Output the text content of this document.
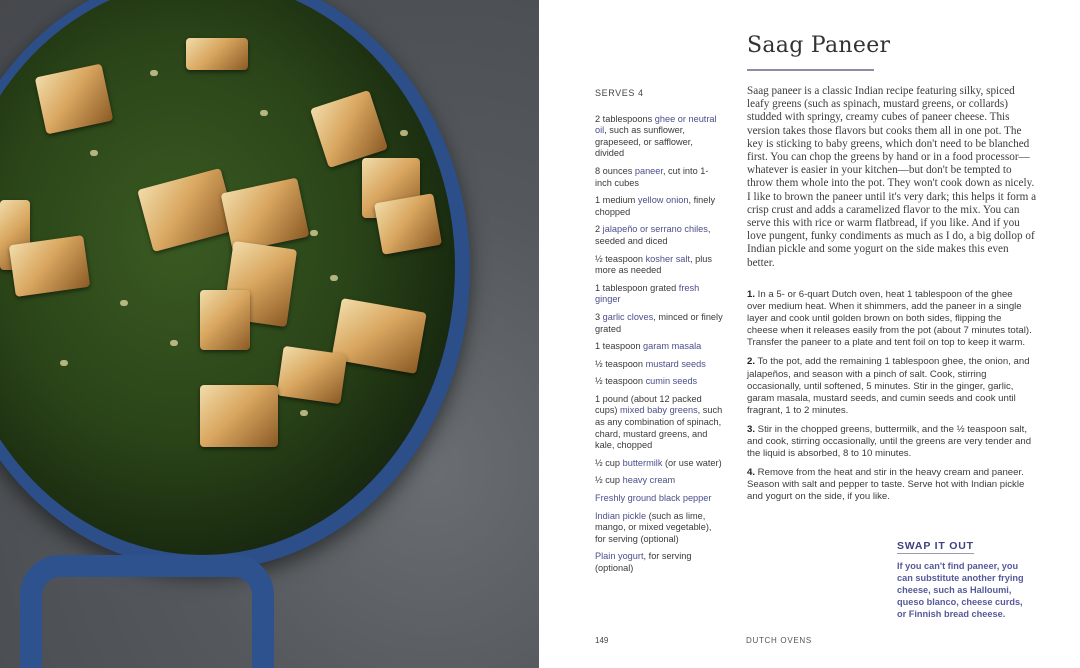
SERVES 4
2 tablespoons ghee or neutral oil, such as sunflower, grapeseed, or safflower, divided
8 ounces paneer, cut into 1-inch cubes
1 medium yellow onion, finely chopped
2 jalapeño or serrano chiles, seeded and diced
½ teaspoon kosher salt, plus more as needed
1 tablespoon grated fresh ginger
3 garlic cloves, minced or finely grated
1 teaspoon garam masala
½ teaspoon mustard seeds
½ teaspoon cumin seeds
1 pound (about 12 packed cups) mixed baby greens, such as any combination of spinach, chard, mustard greens, and kale, chopped
½ cup buttermilk (or use water)
½ cup heavy cream
Freshly ground black pepper
Indian pickle (such as lime, mango, or mixed vegetable), for serving (optional)
Plain yogurt, for serving (optional)
Saag Paneer
Saag paneer is a classic Indian recipe featuring silky, spiced leafy greens (such as spinach, mustard greens, or collards) studded with springy, creamy cubes of paneer cheese. This version takes those flavors but cooks them all in one pot. The key is sticking to baby greens, which don't need to be blanched first. You can chop the greens by hand or in a food processor—whatever is easier in your kitchen—but don't be tempted to throw them whole into the pot. They won't cook down as nicely. I like to brown the paneer until it's very dark; this helps it form a crisp crust and adds a caramelized flavor to the mix. You can serve this with rice or warm flatbread, if you like. And if you love pungent, funky condiments as much as I do, a big dollop of Indian pickle and some yogurt on the side makes this even better.
1. In a 5- or 6-quart Dutch oven, heat 1 tablespoon of the ghee over medium heat. When it shimmers, add the paneer in a single layer and cook until golden brown on both sides, flipping the cheese when it releases easily from the pot (about 7 minutes total). Transfer the paneer to a plate and tent foil on top to keep it warm.
2. To the pot, add the remaining 1 tablespoon ghee, the onion, and jalapeños, and season with a pinch of salt. Cook, stirring occasionally, until softened, 5 minutes. Stir in the ginger, garlic, garam masala, mustard seeds, and cumin seeds and cook until fragrant, 1 to 2 minutes.
3. Stir in the chopped greens, buttermilk, and the ½ teaspoon salt, and cook, stirring occasionally, until the greens are very tender and the liquid is absorbed, 8 to 10 minutes.
4. Remove from the heat and stir in the heavy cream and paneer. Season with salt and pepper to taste. Serve hot with Indian pickle and yogurt on the side, if you like.
SWAP IT OUT
If you can't find paneer, you can substitute another frying cheese, such as Halloumi, queso blanco, cheese curds, or Finnish bread cheese.
149	DUTCH OVENS
